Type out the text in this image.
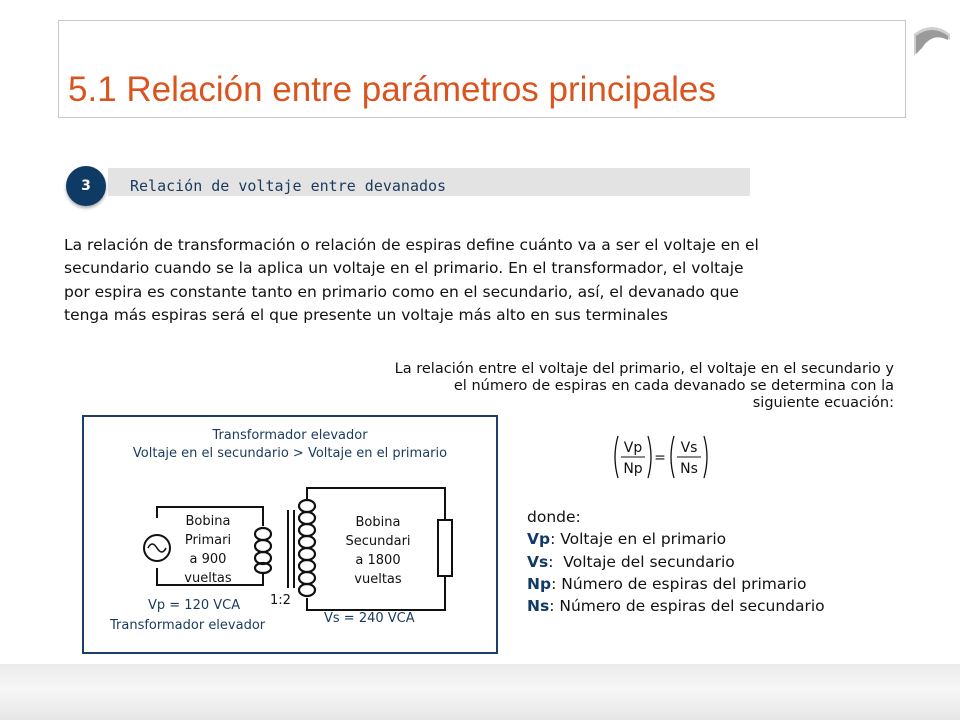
5.1 Relación entre parámetros principales
3	Relación de voltaje entre devanados
La relación de transformación o relación de espiras define cuánto va a ser el voltaje en el
secundario cuando se la aplica un voltaje en el primario. En el transformador, el voltaje
por espira es constante tanto en primario como en el secundario, así, el devanado que
tenga más espiras será el que presente un voltaje más alto en sus terminales
La relación entre el voltaje del primario, el voltaje en el secundario y
el número de espiras en cada devanado se determina con la
siguiente ecuación:
Transformador elevador
Voltaje en el secundario > Voltaje en el primario
Bobina
Primari
a 900
vueltas
Bobina
Secundari
a 1800
vueltas
1:2
Vp = 120 VCA
Vs = 240 VCA
Transformador elevador
Vp
Np
=
Vs
Ns
donde:
Vp: Voltaje en el primario
Vs:  Voltaje del secundario
Np: Número de espiras del primario
Ns: Número de espiras del secundario
